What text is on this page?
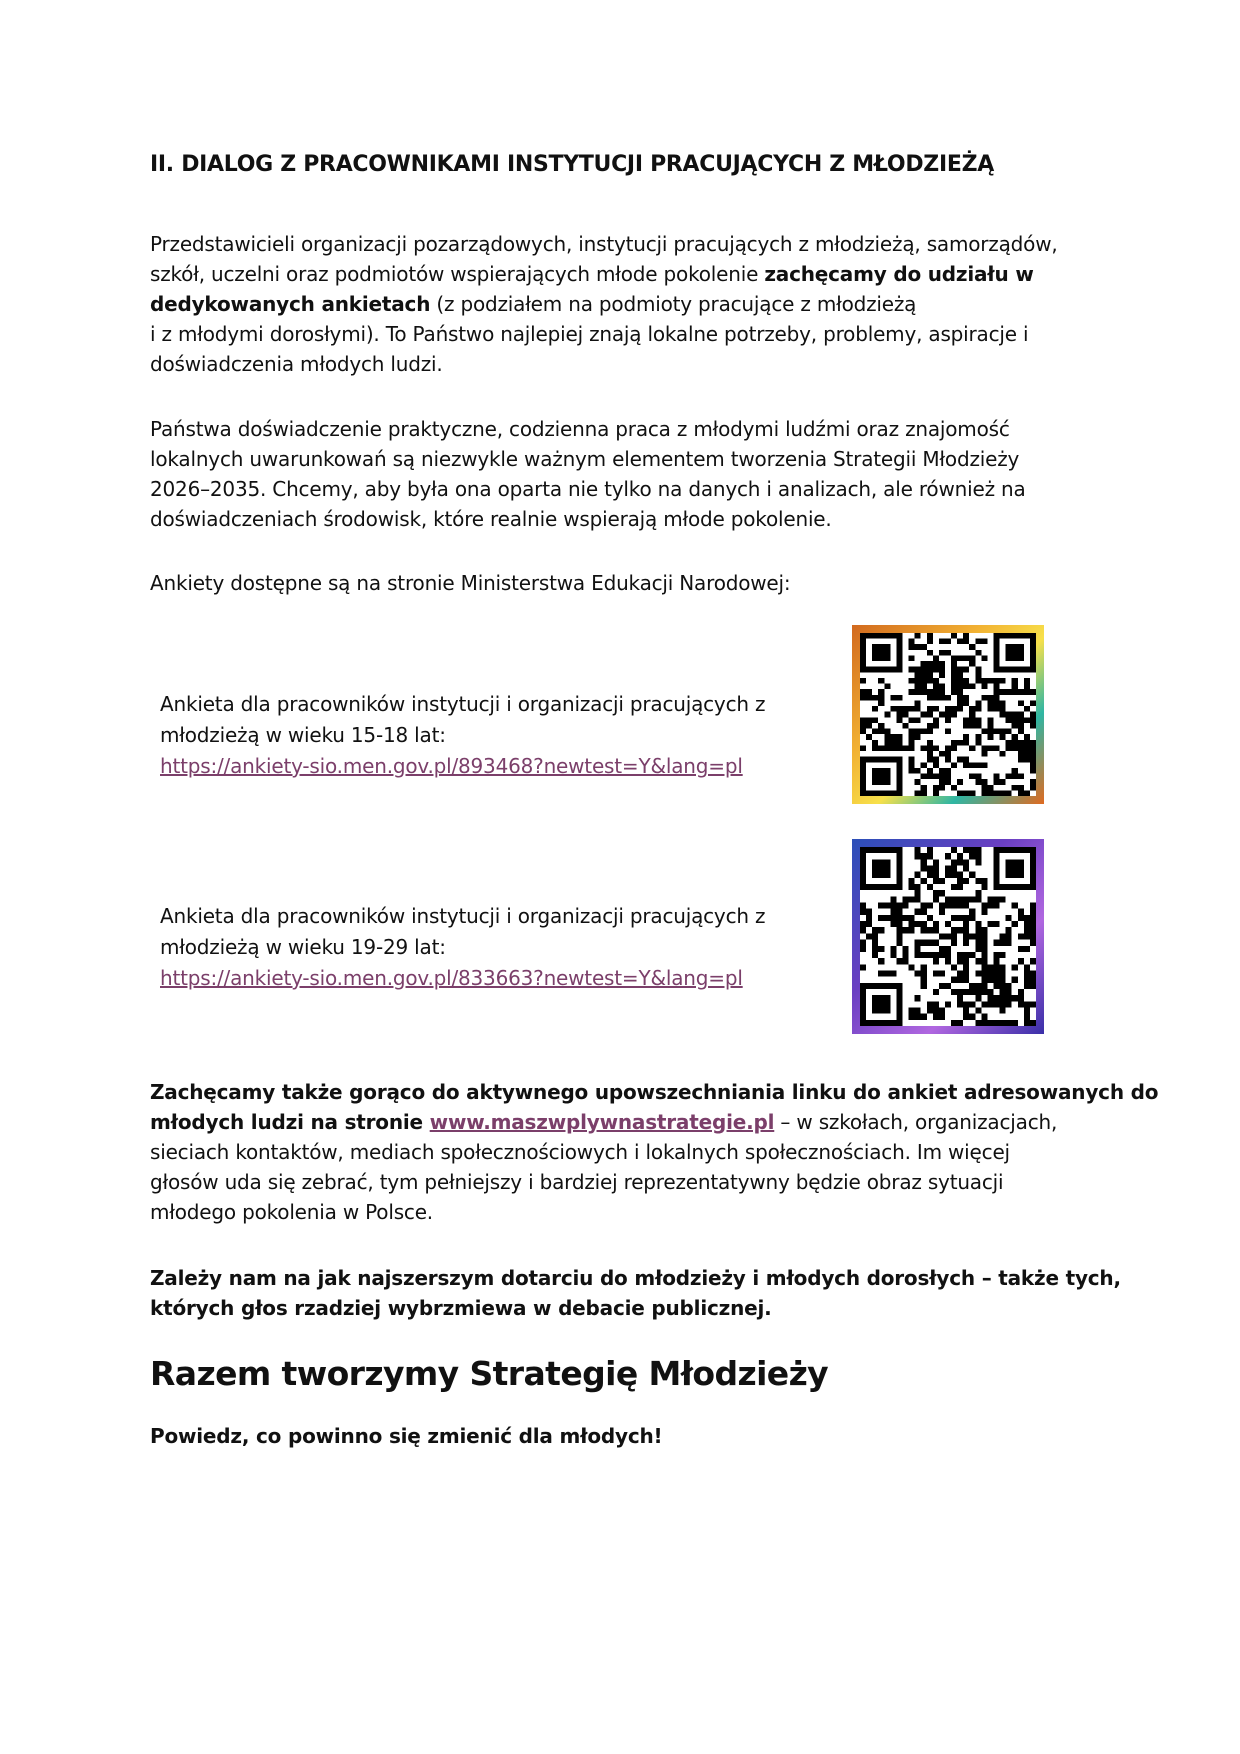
II. DIALOG Z PRACOWNIKAMI INSTYTUCJI PRACUJĄCYCH Z MŁODZIEŻĄ

Przedstawicieli organizacji pozarządowych, instytucji pracujących z młodzieżą, samorządów,
szkół, uczelni oraz podmiotów wspierających młode pokolenie zachęcamy do udziału w
dedykowanych ankietach (z podziałem na podmioty pracujące z młodzieżą
i z młodymi dorosłymi). To Państwo najlepiej znają lokalne potrzeby, problemy, aspiracje i
doświadczenia młodych ludzi.

Państwa doświadczenie praktyczne, codzienna praca z młodymi ludźmi oraz znajomość
lokalnych uwarunkowań są niezwykle ważnym elementem tworzenia Strategii Młodzieży
2026–2035. Chcemy, aby była ona oparta nie tylko na danych i analizach, ale również na
doświadczeniach środowisk, które realnie wspierają młode pokolenie.

Ankiety dostępne są na stronie Ministerstwa Edukacji Narodowej:

Ankieta dla pracowników instytucji i organizacji pracujących z
młodzieżą w wieku 15-18 lat:
https://ankiety-sio.men.gov.pl/893468?newtest=Y&lang=pl
Ankieta dla pracowników instytucji i organizacji pracujących z
młodzieżą w wieku 19-29 lat:
https://ankiety-sio.men.gov.pl/833663?newtest=Y&lang=pl

Zachęcamy także gorąco do aktywnego upowszechniania linku do ankiet adresowanych do
młodych ludzi na stronie www.maszwplywnastrategie.pl – w szkołach, organizacjach,
sieciach kontaktów, mediach społecznościowych i lokalnych społecznościach. Im więcej
głosów uda się zebrać, tym pełniejszy i bardziej reprezentatywny będzie obraz sytuacji
młodego pokolenia w Polsce.

Zależy nam na jak najszerszym dotarciu do młodzieży i młodych dorosłych – także tych,
których głos rzadziej wybrzmiewa w debacie publicznej.

Razem tworzymy Strategię Młodzieży
Powiedz, co powinno się zmienić dla młodych!
